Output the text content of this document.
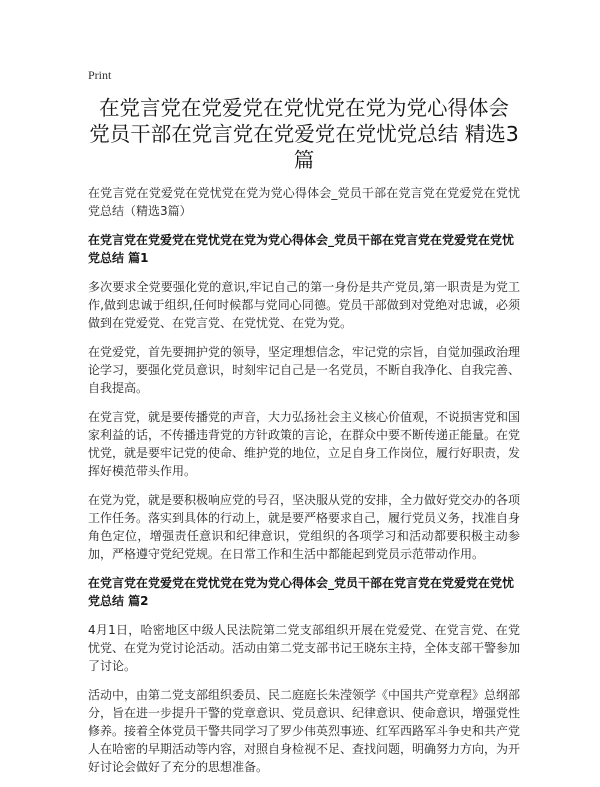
Print
在党言党在党爱党在党忧党在党为党心得体会 党员干部在党言党在党爱党在党忧党总结 精选3篇

在党言党在党爱党在党忧党在党为党心得体会_党员干部在党言党在党爱党在党忧党总结（精选3篇）

在党言党在党爱党在党忧党在党为党心得体会_党员干部在党言党在党爱党在党忧党总结 篇1

多次要求全党要强化党的意识,牢记自己的第一身份是共产党员,第一职责是为党工作,做到忠诚于组织,任何时候都与党同心同德。党员干部做到对党绝对忠诚，必须做到在党爱党、在党言党、在党忧党、在党为党。

在党爱党，首先要拥护党的领导，坚定理想信念，牢记党的宗旨，自觉加强政治理论学习，要强化党员意识，时刻牢记自己是一名党员，不断自我净化、自我完善、自我提高。

在党言党，就是要传播党的声音，大力弘扬社会主义核心价值观，不说损害党和国家利益的话，不传播违背党的方针政策的言论，在群众中要不断传递正能量。在党忧党，就是要牢记党的使命、维护党的地位，立足自身工作岗位，履行好职责，发挥好模范带头作用。

在党为党，就是要积极响应党的号召，坚决服从党的安排，全力做好党交办的各项工作任务。落实到具体的行动上，就是要严格要求自己，履行党员义务，找准自身角色定位，增强责任意识和纪律意识，党组织的各项学习和活动都要积极主动参加，严格遵守党纪党规。在日常工作和生活中都能起到党员示范带动作用。

在党言党在党爱党在党忧党在党为党心得体会_党员干部在党言党在党爱党在党忧党总结 篇2

4月1日，哈密地区中级人民法院第二党支部组织开展在党爱党、在党言党、在党忧党、在党为党讨论活动。活动由第二党支部书记王晓东主持，全体支部干警参加了讨论。

活动中，由第二党支部组织委员、民二庭庭长朱滢领学《中国共产党章程》总纲部分，旨在进一步提升干警的党章意识、党员意识、纪律意识、使命意识，增强党性修养。接着全体党员干警共同学习了罗少伟英烈事迹、红军西路军斗争史和共产党人在哈密的早期活动等内容，对照自身检视不足、查找问题，明确努力方向，为开好讨论会做好了充分的思想准备。
